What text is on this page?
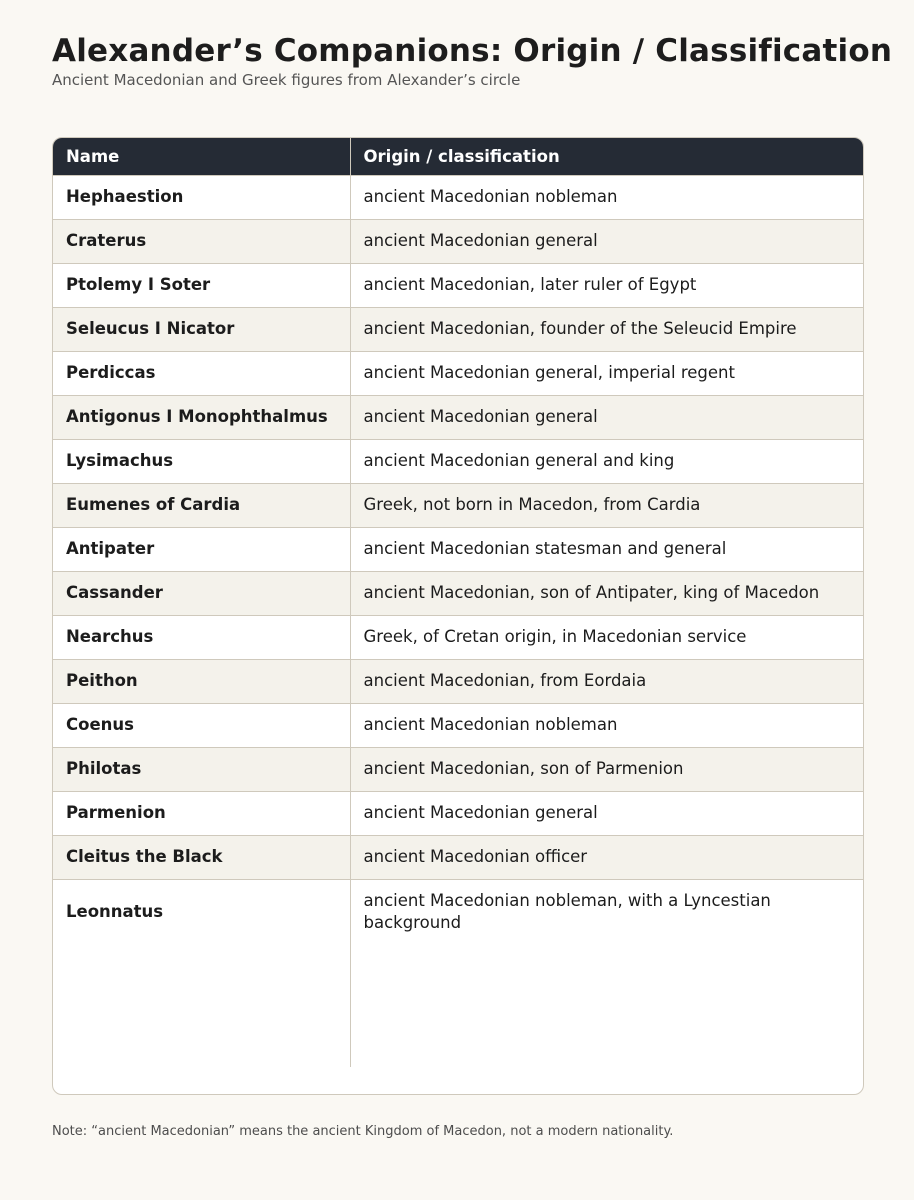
Alexander’s Companions: Origin / Classification

Ancient Macedonian and Greek figures from Alexander’s circle

Name	Origin / classification
Hephaestion	ancient Macedonian nobleman
Craterus	ancient Macedonian general
Ptolemy I Soter	ancient Macedonian, later ruler of Egypt
Seleucus I Nicator	ancient Macedonian, founder of the Seleucid Empire
Perdiccas	ancient Macedonian general, imperial regent
Antigonus I Monophthalmus	ancient Macedonian general
Lysimachus	ancient Macedonian general and king
Eumenes of Cardia	Greek, not born in Macedon, from Cardia
Antipater	ancient Macedonian statesman and general
Cassander	ancient Macedonian, son of Antipater, king of Macedon
Nearchus	Greek, of Cretan origin, in Macedonian service
Peithon	ancient Macedonian, from Eordaia
Coenus	ancient Macedonian nobleman
Philotas	ancient Macedonian, son of Parmenion
Parmenion	ancient Macedonian general
Cleitus the Black	ancient Macedonian officer
Leonnatus	ancient Macedonian nobleman, with a Lyncestian background

Note: “ancient Macedonian” means the ancient Kingdom of Macedon, not a modern nationality.
